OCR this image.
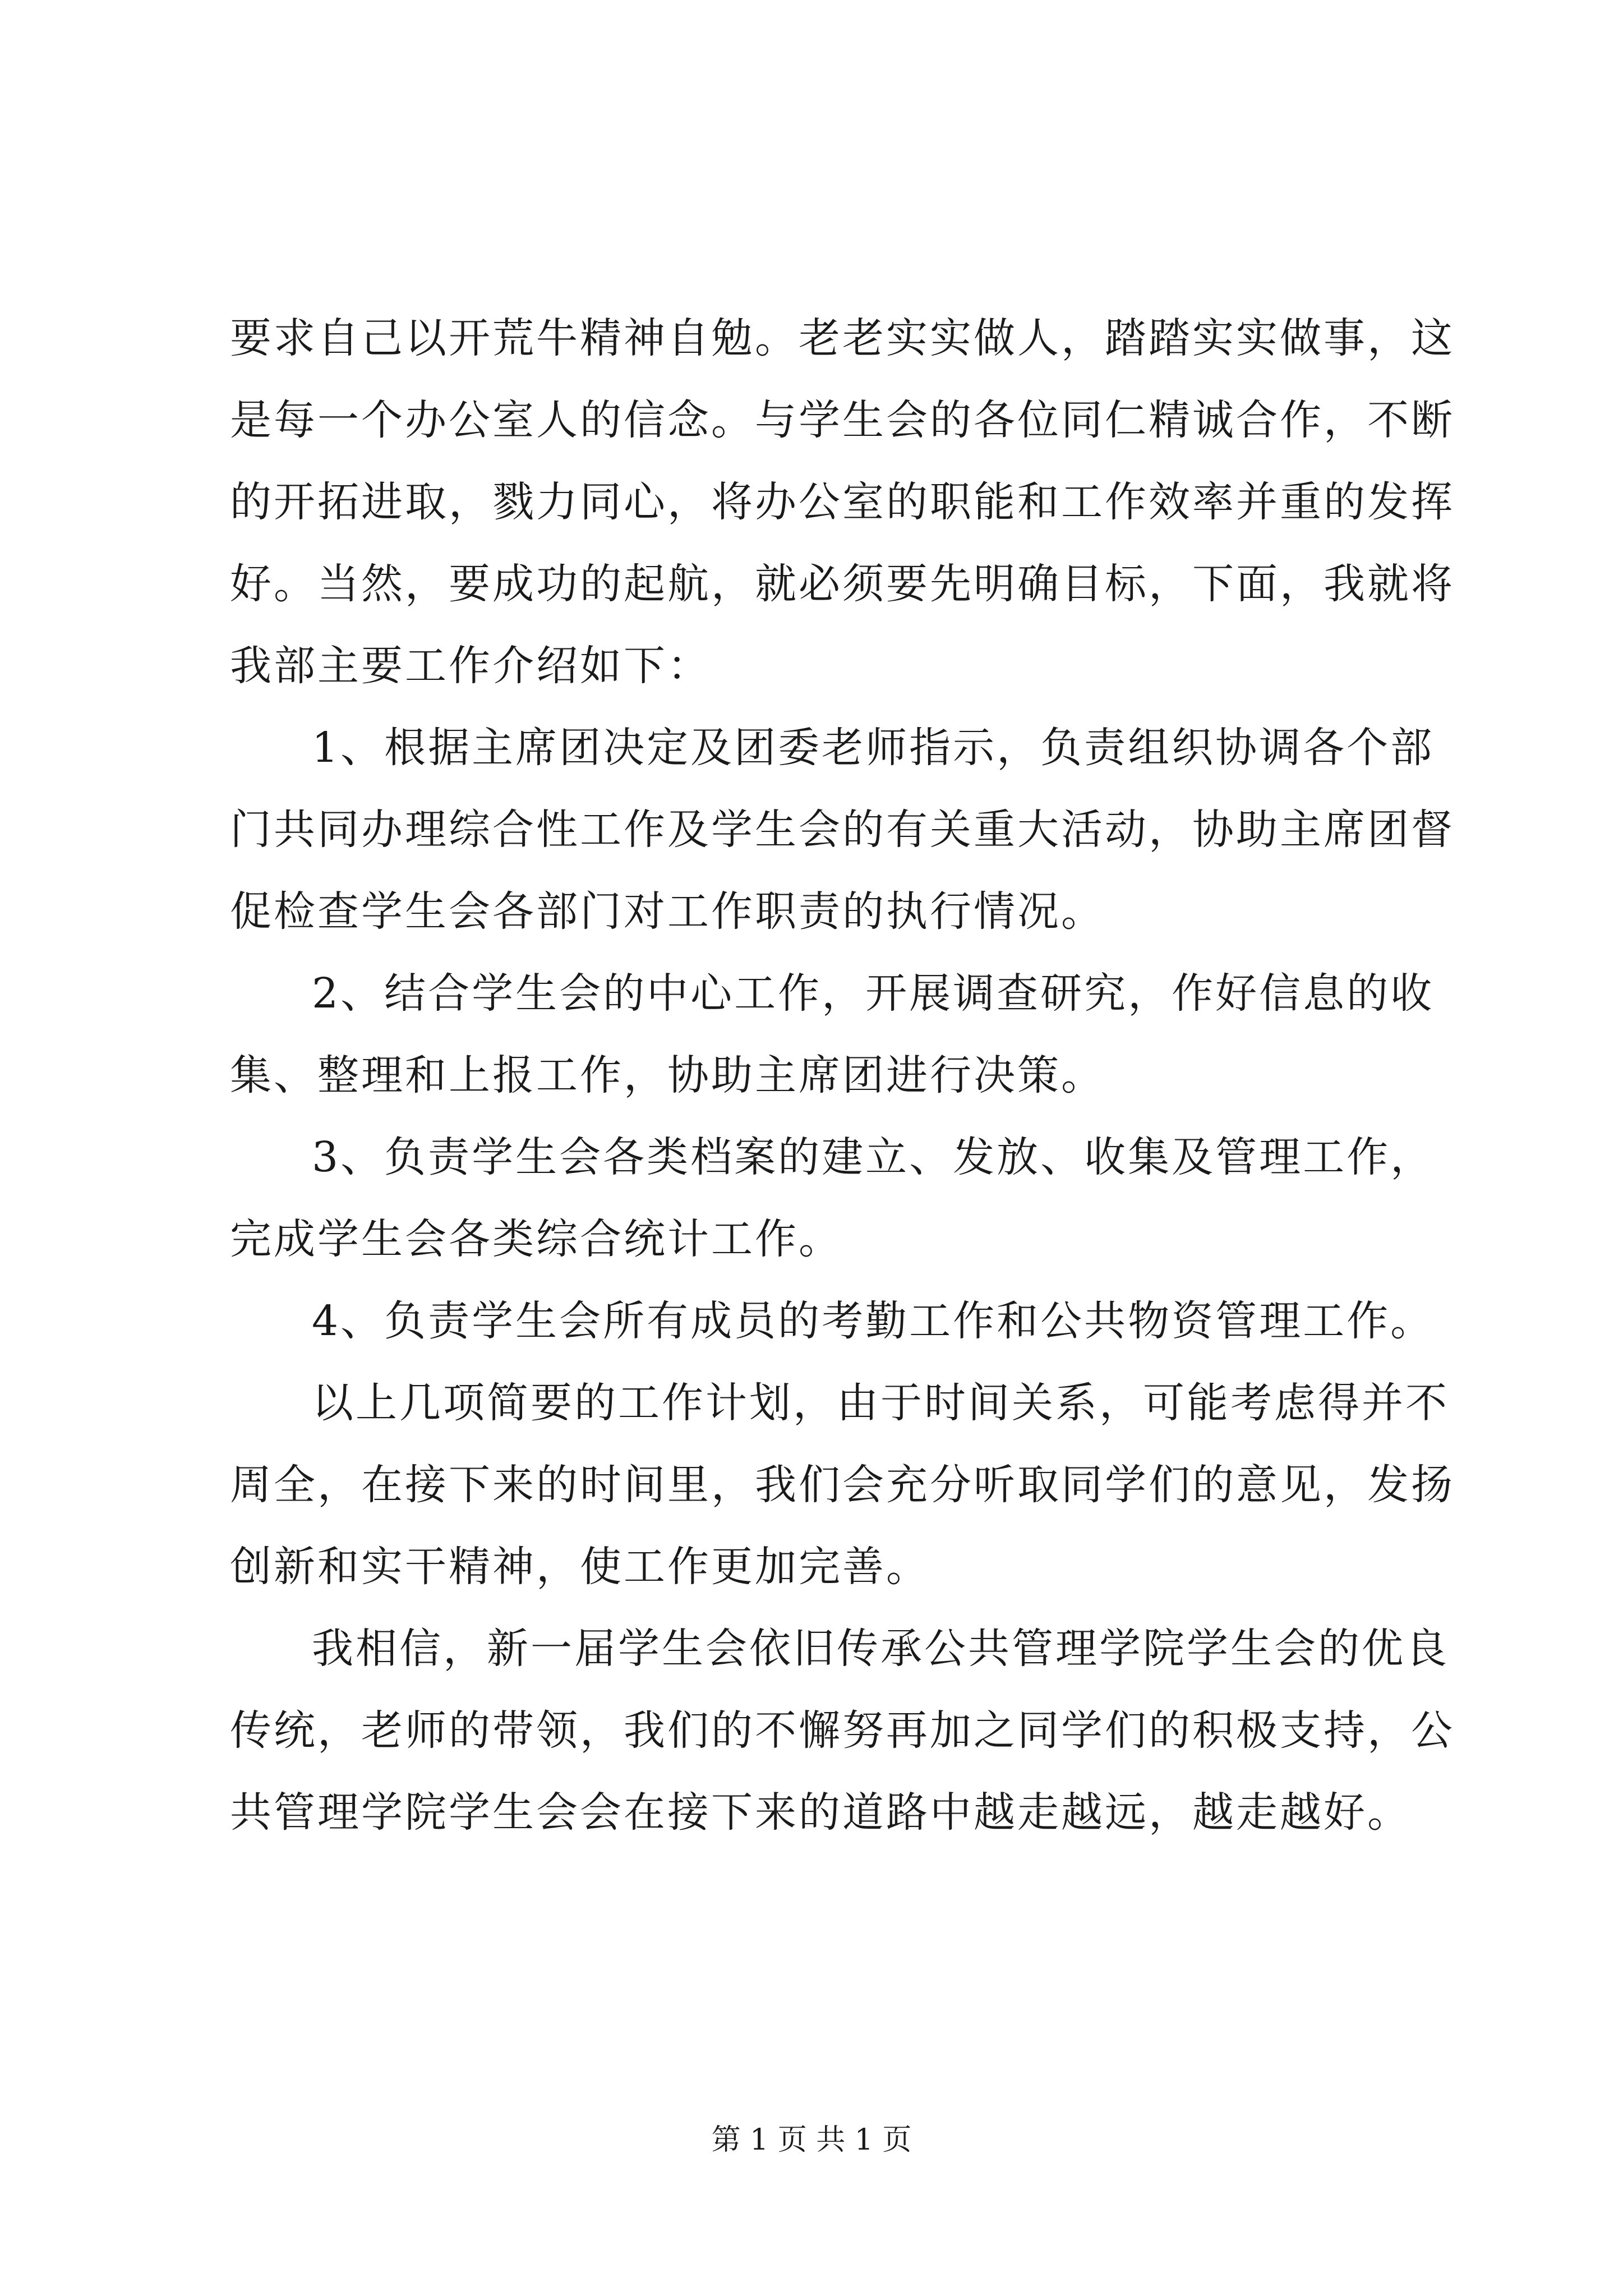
要求自己以开荒牛精神自勉。老老实实做人，踏踏实实做事，这
是每一个办公室人的信念。与学生会的各位同仁精诚合作，不断
的开拓进取，戮力同心，将办公室的职能和工作效率并重的发挥
好。当然，要成功的起航，就必须要先明确目标，下面，我就将
我部主要工作介绍如下：
1、根据主席团决定及团委老师指示，负责组织协调各个部
门共同办理综合性工作及学生会的有关重大活动，协助主席团督
促检查学生会各部门对工作职责的执行情况。
2、结合学生会的中心工作，开展调查研究，作好信息的收
集、整理和上报工作，协助主席团进行决策。
3、负责学生会各类档案的建立、发放、收集及管理工作，
完成学生会各类综合统计工作。
4、负责学生会所有成员的考勤工作和公共物资管理工作。
以上几项简要的工作计划，由于时间关系，可能考虑得并不
周全，在接下来的时间里，我们会充分听取同学们的意见，发扬
创新和实干精神，使工作更加完善。
我相信，新一届学生会依旧传承公共管理学院学生会的优良
传统，老师的带领，我们的不懈努再加之同学们的积极支持，公
共管理学院学生会会在接下来的道路中越走越远，越走越好。
第 1 页 共 1 页
